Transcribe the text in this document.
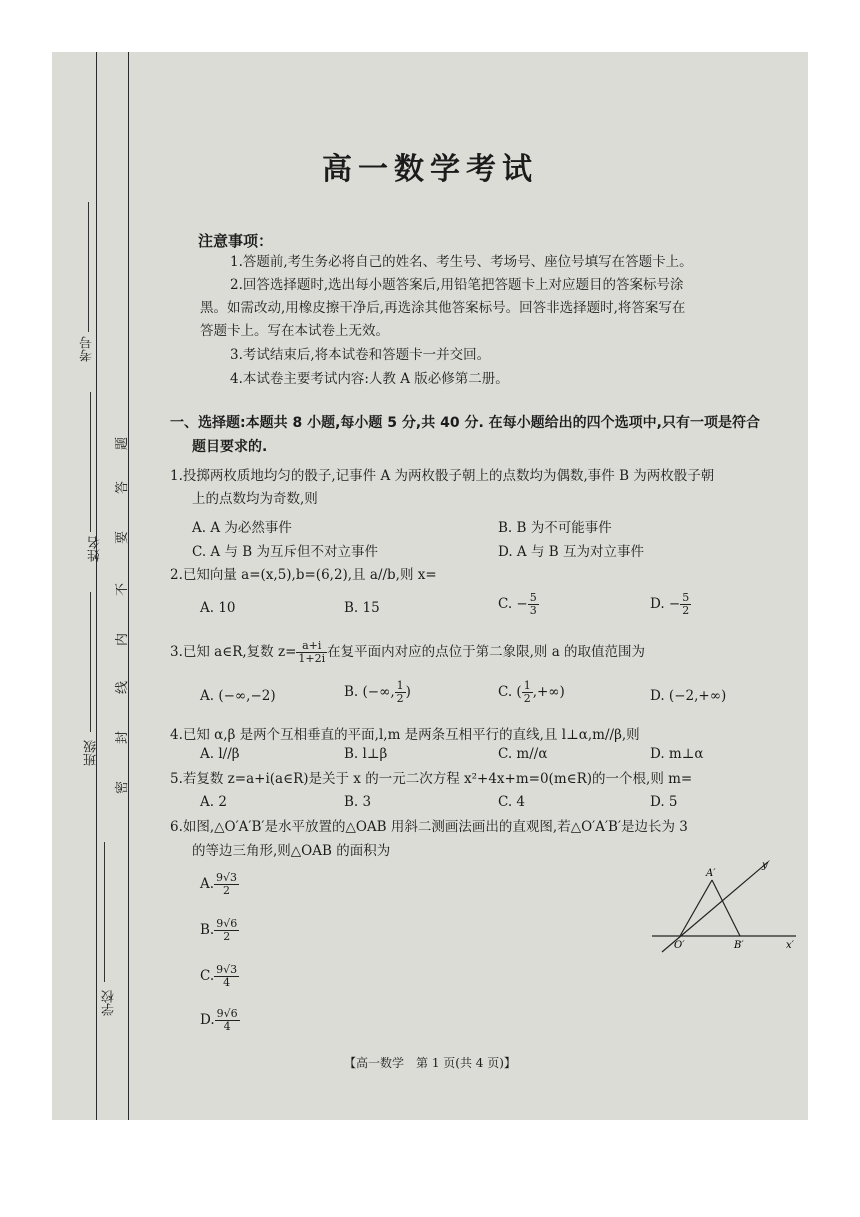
考号
姓名
班级
学校
题
答
要
不
内
线
封
密
高一数学考试
注意事项：
1.答题前,考生务必将自己的姓名、考生号、考场号、座位号填写在答题卡上。
2.回答选择题时,选出每小题答案后,用铅笔把答题卡上对应题目的答案标号涂
黑。如需改动,用橡皮擦干净后,再选涂其他答案标号。回答非选择题时,将答案写在
答题卡上。写在本试卷上无效。
3.考试结束后,将本试卷和答题卡一并交回。
4.本试卷主要考试内容:人教 A 版必修第二册。
一、选择题:本题共 8 小题,每小题 5 分,共 40 分. 在每小题给出的四个选项中,只有一项是符合
题目要求的.
1.投掷两枚质地均匀的骰子,记事件 A 为两枚骰子朝上的点数均为偶数,事件 B 为两枚骰子朝
上的点数均为奇数,则
A. A 为必然事件	B. B 为不可能事件
C. A 与 B 为互斥但不对立事件	D. A 与 B 互为对立事件
2.已知向量 a=(x,5),b=(6,2),且 a//b,则 x=
A. 10	B. 15	C. − $\frac{5}{3}$	D. − $\frac{5}{2}$
3.已知 a∈R,复数 $z= \frac{a+i}{1+2i}$ 在复平面内对应的点位于第二象限,则 a 的取值范围为
A. (−∞,−2)	B. (−∞, $\frac{1}{2}$ )	C. ( $\frac{1}{2}$ ,+∞)	D. (−2,+∞)
4.已知 α,β 是两个互相垂直的平面,l,m 是两条互相平行的直线,且 l⊥α,m//β,则
A. l//β	B. l⊥β	C. m//α	D. m⊥α
5.若复数 z=a+i(a∈R)是关于 x 的一元二次方程 x²+4x+m=0(m∈R)的一个根,则 m=
A. 2	B. 3	C. 4	D. 5
6.如图,△O′A′B′是水平放置的△OAB 用斜二测画法画出的直观图,若△O′A′B′是边长为 3
的等边三角形,则△OAB 的面积为
A. $\frac{9√3}{2}$
B. $\frac{9√6}{2}$
C. $\frac{9√3}{4}$
D. $\frac{9√6}{4}$
A′
O′	B′	x′
y′
【高一数学　第 1 页(共 4 页)】
